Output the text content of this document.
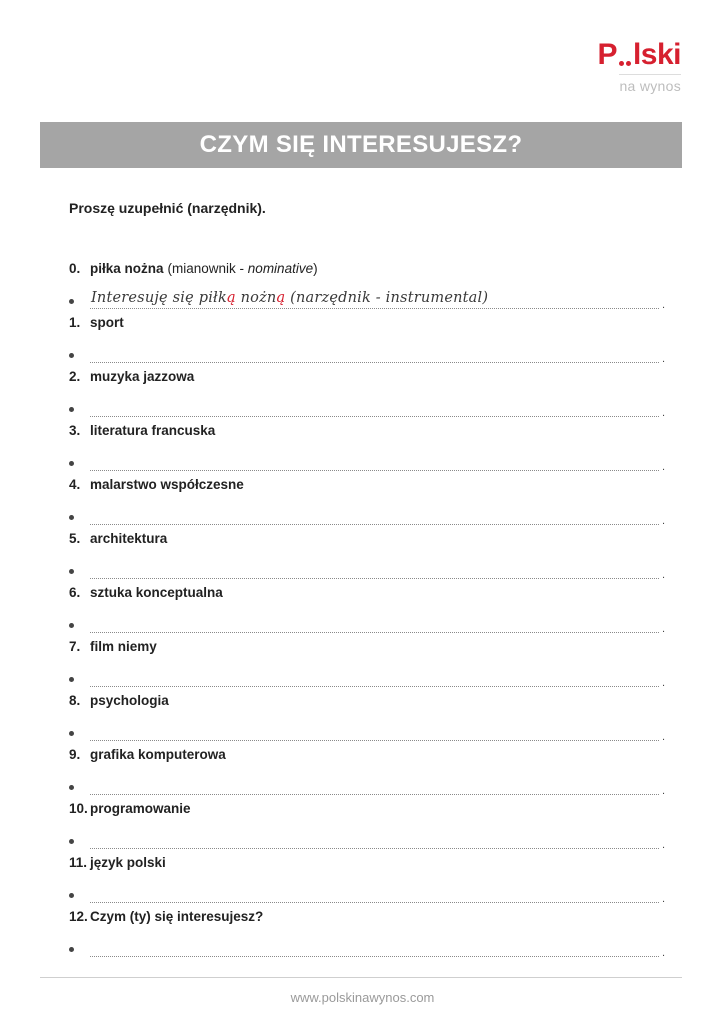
P lski
na wynos
CZYM SIĘ INTERESUJESZ?
Proszę uzupełnić (narzędnik).
0. piłka nożna (mianownik - nominative)
Interesuję się piłką nożną (narzędnik - instrumental)
.
1. sport
.
2. muzyka jazzowa
.
3. literatura francuska
.
4. malarstwo współczesne
.
5. architektura
.
6. sztuka konceptualna
.
7. film niemy
.
8. psychologia
.
9. grafika komputerowa
.
10. programowanie
.
11. język polski
.
12. Czym (ty) się interesujesz?
.
www.polskinawynos.com
